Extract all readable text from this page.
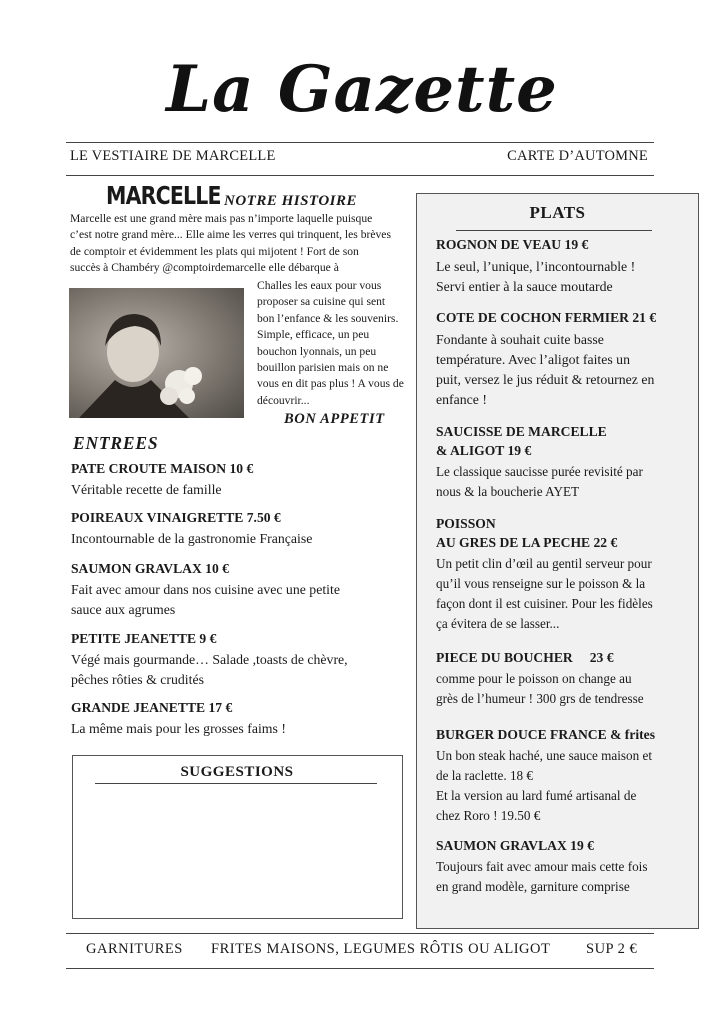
La Gazette
LE VESTIAIRE DE MARCELLE	CARTE D’AUTOMNE
MARCELLE NOTRE HISTOIRE
Marcelle est une grand mère mais pas n’importe laquelle puisque
c’est notre grand mère... Elle aime les verres qui trinquent, les brèves
de comptoir et évidemment les plats qui mijotent ! Fort de son
succès à Chambéry @comptoirdemarcelle elle débarque à
Challes les eaux pour vous
proposer sa cuisine qui sent
bon l’enfance & les souvenirs.
Simple, efficace, un peu
bouchon lyonnais, un peu
bouillon parisien mais on ne
vous en dit pas plus ! A vous de
découvrir...
BON APPETIT
ENTREES
PATE CROUTE MAISON 10 €
Véritable recette de famille
POIREAUX VINAIGRETTE 7.50 €
Incontournable de la gastronomie Française
SAUMON GRAVLAX 10 €
Fait avec amour dans nos cuisine avec une petite
sauce aux agrumes
PETITE JEANETTE 9 €
Végé mais gourmande… Salade ,toasts de chèvre,
pêches rôties & crudités
GRANDE JEANETTE 17 €
La même mais pour les grosses faims !
SUGGESTIONS
PLATS
ROGNON DE VEAU 19 €
Le seul, l’unique, l’incontournable !
Servi entier à la sauce moutarde
COTE DE COCHON FERMIER 21 €
Fondante à souhait cuite basse
température. Avec l’aligot faites un
puit, versez le jus réduit & retournez en
enfance !
SAUCISSE DE MARCELLE
& ALIGOT 19 €
Le classique saucisse purée revisité par
nous & la boucherie AYET
POISSON
AU GRES DE LA PECHE 22 €
Un petit clin d’œil au gentil serveur pour
qu’il vous renseigne sur le poisson & la
façon dont il est cuisiner. Pour les fidèles
ça évitera de se lasser...
PIECE DU BOUCHER     23 €
comme pour le poisson on change au
grès de l’humeur ! 300 grs de tendresse
BURGER DOUCE FRANCE & frites
Un bon steak haché, une sauce maison et
de la raclette. 18 €
Et la version au lard fumé artisanal de
chez Roro ! 19.50 €
SAUMON GRAVLAX 19 €
Toujours fait avec amour mais cette fois
en grand modèle, garniture comprise
GARNITURES FRITES MAISONS, LEGUMES RÔTIS OU ALIGOT SUP 2 €
